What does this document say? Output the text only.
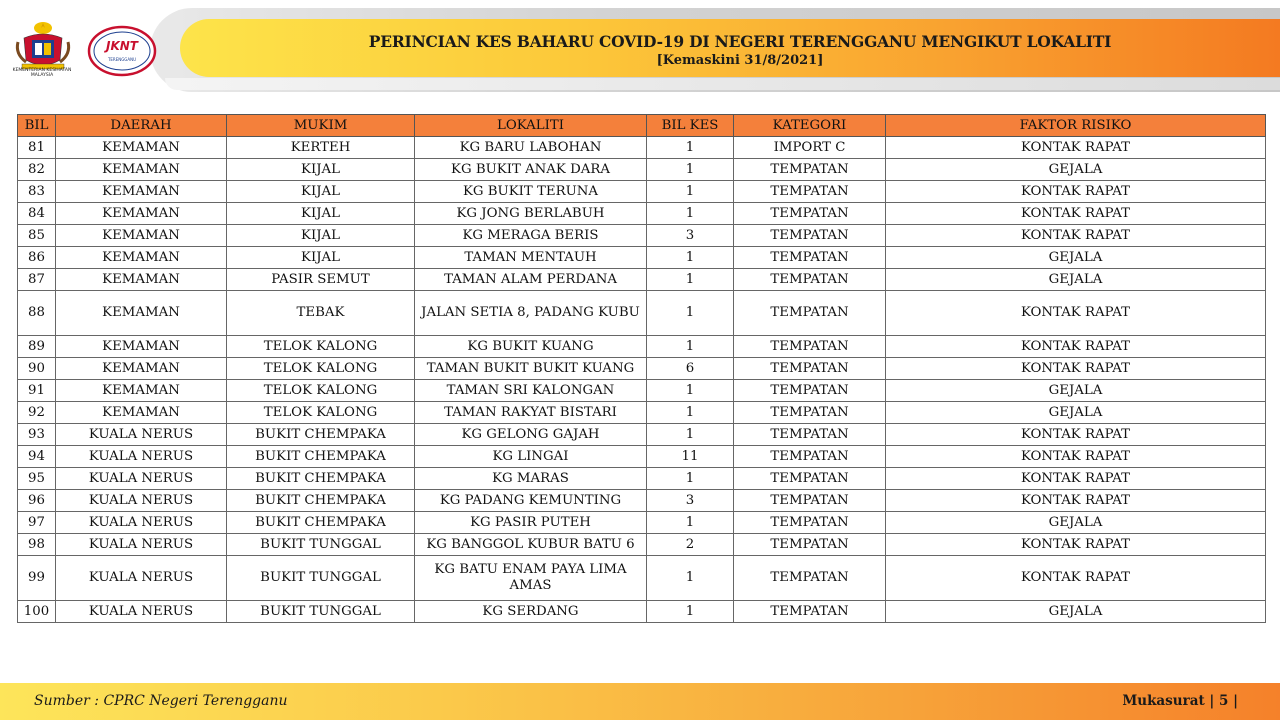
KEMENTERIAN KESIHATAN MALAYSIA
JKNT
TERENGGANU
PERINCIAN KES BAHARU COVID-19 DI NEGERI TERENGGANU MENGIKUT LOKALITI
[Kemaskini 31/8/2021]
BIL	DAERAH	MUKIM	LOKALITI	BIL KES	KATEGORI	FAKTOR RISIKO
81	KEMAMAN	KERTEH	KG BARU LABOHAN	1	IMPORT C	KONTAK RAPAT
82	KEMAMAN	KIJAL	KG BUKIT ANAK DARA	1	TEMPATAN	GEJALA
83	KEMAMAN	KIJAL	KG BUKIT TERUNA	1	TEMPATAN	KONTAK RAPAT
84	KEMAMAN	KIJAL	KG JONG BERLABUH	1	TEMPATAN	KONTAK RAPAT
85	KEMAMAN	KIJAL	KG MERAGA BERIS	3	TEMPATAN	KONTAK RAPAT
86	KEMAMAN	KIJAL	TAMAN MENTAUH	1	TEMPATAN	GEJALA
87	KEMAMAN	PASIR SEMUT	TAMAN ALAM PERDANA	1	TEMPATAN	GEJALA
88	KEMAMAN	TEBAK	JALAN SETIA 8, PADANG KUBU	1	TEMPATAN	KONTAK RAPAT
89	KEMAMAN	TELOK KALONG	KG BUKIT KUANG	1	TEMPATAN	KONTAK RAPAT
90	KEMAMAN	TELOK KALONG	TAMAN BUKIT BUKIT KUANG	6	TEMPATAN	KONTAK RAPAT
91	KEMAMAN	TELOK KALONG	TAMAN SRI KALONGAN	1	TEMPATAN	GEJALA
92	KEMAMAN	TELOK KALONG	TAMAN RAKYAT BISTARI	1	TEMPATAN	GEJALA
93	KUALA NERUS	BUKIT CHEMPAKA	KG GELONG GAJAH	1	TEMPATAN	KONTAK RAPAT
94	KUALA NERUS	BUKIT CHEMPAKA	KG LINGAI	11	TEMPATAN	KONTAK RAPAT
95	KUALA NERUS	BUKIT CHEMPAKA	KG MARAS	1	TEMPATAN	KONTAK RAPAT
96	KUALA NERUS	BUKIT CHEMPAKA	KG PADANG KEMUNTING	3	TEMPATAN	KONTAK RAPAT
97	KUALA NERUS	BUKIT CHEMPAKA	KG PASIR PUTEH	1	TEMPATAN	GEJALA
98	KUALA NERUS	BUKIT TUNGGAL	KG BANGGOL KUBUR BATU 6	2	TEMPATAN	KONTAK RAPAT
99	KUALA NERUS	BUKIT TUNGGAL	KG BATU ENAM PAYA LIMA AMAS	1	TEMPATAN	KONTAK RAPAT
100	KUALA NERUS	BUKIT TUNGGAL	KG SERDANG	1	TEMPATAN	GEJALA
Sumber : CPRC Negeri Terengganu	Mukasurat | 5 |
